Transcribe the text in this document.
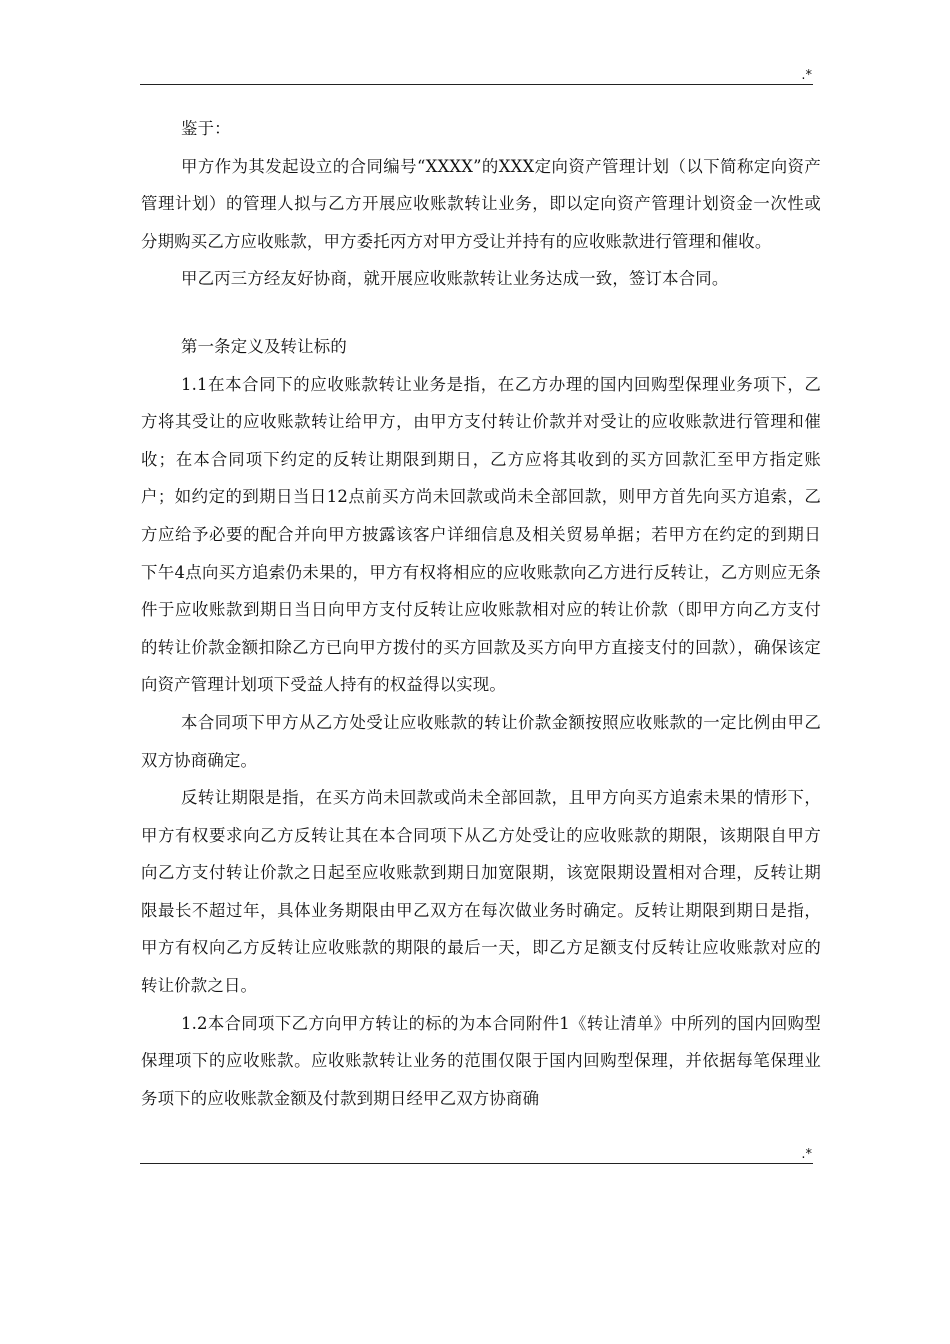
.*

鉴于：

甲方作为其发起设立的合同编号“XXXX”的XXX定向资产管理计划（以下简称定向资产管理计划）的管理人拟与乙方开展应收账款转让业务，即以定向资产管理计划资金一次性或分期购买乙方应收账款，甲方委托丙方对甲方受让并持有的应收账款进行管理和催收。

甲乙丙三方经友好协商，就开展应收账款转让业务达成一致，签订本合同。

第一条定义及转让标的

1.1在本合同下的应收账款转让业务是指，在乙方办理的国内回购型保理业务项下，乙方将其受让的应收账款转让给甲方，由甲方支付转让价款并对受让的应收账款进行管理和催收；在本合同项下约定的反转让期限到期日，乙方应将其收到的买方回款汇至甲方指定账户；如约定的到期日当日12点前买方尚未回款或尚未全部回款，则甲方首先向买方追索，乙方应给予必要的配合并向甲方披露该客户详细信息及相关贸易单据；若甲方在约定的到期日下午4点向买方追索仍未果的，甲方有权将相应的应收账款向乙方进行反转让，乙方则应无条件于应收账款到期日当日向甲方支付反转让应收账款相对应的转让价款（即甲方向乙方支付的转让价款金额扣除乙方已向甲方拨付的买方回款及买方向甲方直接支付的回款），确保该定向资产管理计划项下受益人持有的权益得以实现。

本合同项下甲方从乙方处受让应收账款的转让价款金额按照应收账款的一定比例由甲乙双方协商确定。

反转让期限是指，在买方尚未回款或尚未全部回款，且甲方向买方追索未果的情形下，甲方有权要求向乙方反转让其在本合同项下从乙方处受让的应收账款的期限，该期限自甲方向乙方支付转让价款之日起至应收账款到期日加宽限期，该宽限期设置相对合理，反转让期限最长不超过年，具体业务期限由甲乙双方在每次做业务时确定。反转让期限到期日是指，甲方有权向乙方反转让应收账款的期限的最后一天，即乙方足额支付反转让应收账款对应的转让价款之日。

1.2本合同项下乙方向甲方转让的标的为本合同附件1《转让清单》中所列的国内回购型保理项下的应收账款。应收账款转让业务的范围仅限于国内回购型保理，并依据每笔保理业务项下的应收账款金额及付款到期日经甲乙双方协商确

.*
